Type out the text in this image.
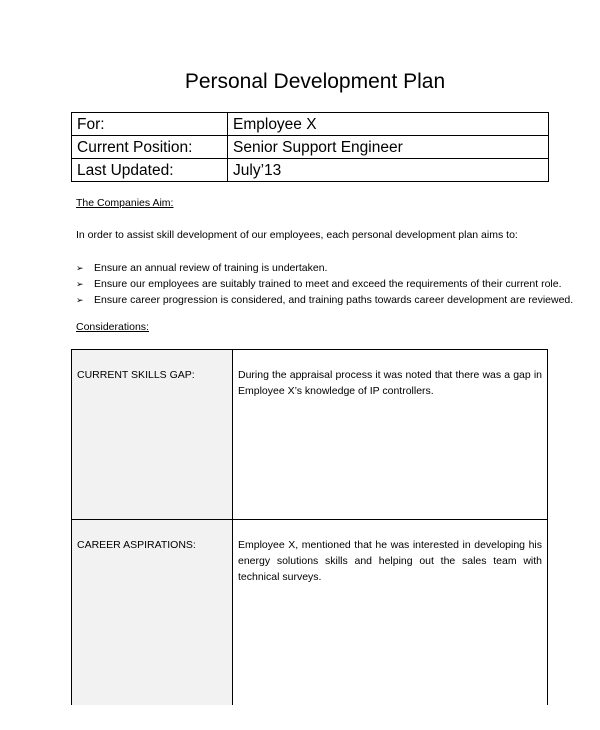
Personal Development Plan
For:	Employee X
Current Position:	Senior Support Engineer
Last Updated:	July’13
The Companies Aim:
In order to assist skill development of our employees, each personal development plan aims to:
➢ Ensure an annual review of training is undertaken.
➢ Ensure our employees are suitably trained to meet and exceed the requirements of their current role.
➢ Ensure career progression is considered, and training paths towards career development are reviewed.
Considerations:
CURRENT SKILLS GAP:	During the appraisal process it was noted that there was a gap in Employee X’s knowledge of IP controllers.
CAREER ASPIRATIONS:	Employee X, mentioned that he was interested in developing his energy solutions skills and helping out the sales team with technical surveys.
